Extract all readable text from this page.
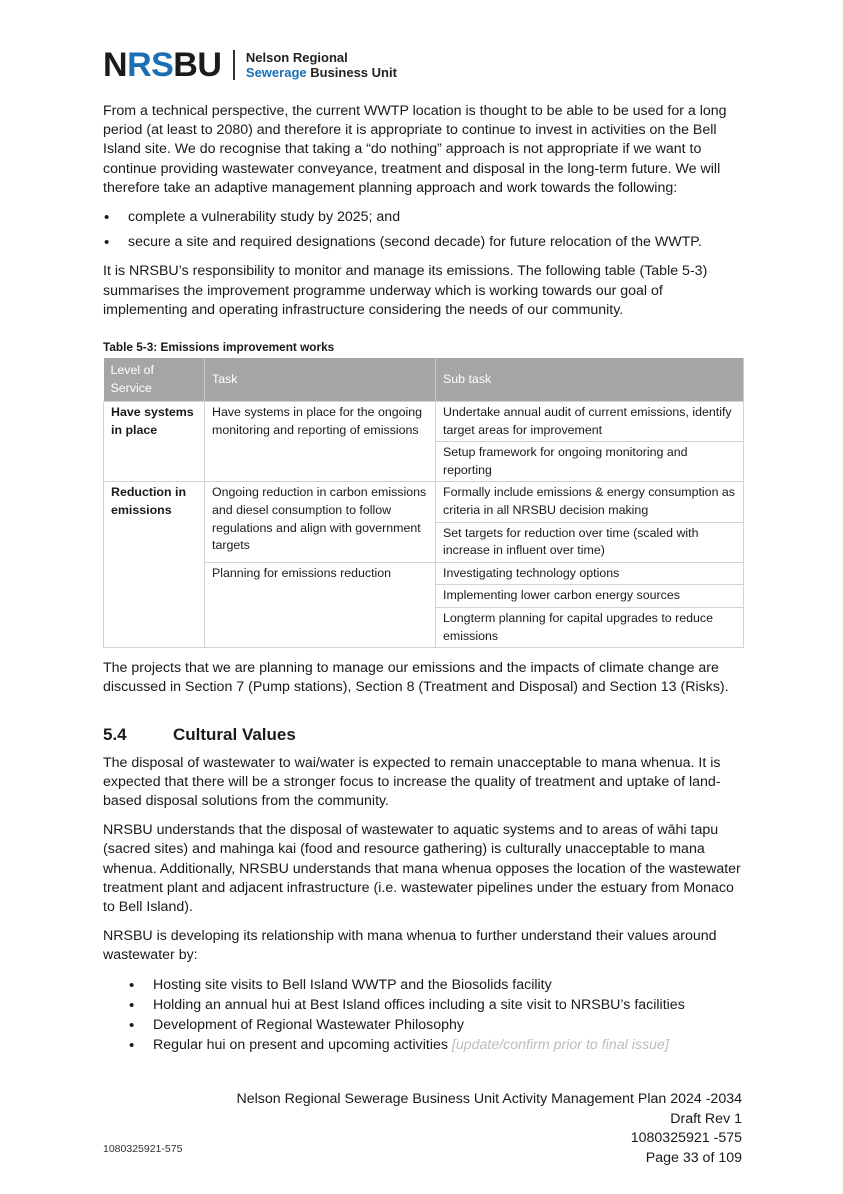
NRSBU Nelson Regional
Sewerage Business Unit

From a technical perspective, the current WWTP location is thought to be able to be used for a long period (at least to 2080) and therefore it is appropriate to continue to invest in activities on the Bell Island site. We do recognise that taking a “do nothing” approach is not appropriate if we want to continue providing wastewater conveyance, treatment and disposal in the long-term future. We will therefore take an adaptive management planning approach and work towards the following:

• complete a vulnerability study by 2025; and
• secure a site and required designations (second decade) for future relocation of the WWTP.

It is NRSBU’s responsibility to monitor and manage its emissions. The following table (Table 5-3) summarises the improvement programme underway which is working towards our goal of implementing and operating infrastructure considering the needs of our community.

Table 5-3: Emissions improvement works
Level of Service	Task	Sub task
Have systems in place	Have systems in place for the ongoing monitoring and reporting of emissions	Undertake annual audit of current emissions, identify target areas for improvement
		Setup framework for ongoing monitoring and reporting
Reduction in emissions	Ongoing reduction in carbon emissions and diesel consumption to follow regulations and align with government targets	Formally include emissions & energy consumption as criteria in all NRSBU decision making
		Set targets for reduction over time (scaled with increase in influent over time)
	Planning for emissions reduction	Investigating technology options
		Implementing lower carbon energy sources
		Longterm planning for capital upgrades to reduce emissions

The projects that we are planning to manage our emissions and the impacts of climate change are discussed in Section 7 (Pump stations), Section 8 (Treatment and Disposal) and Section 13 (Risks).

5.4	Cultural Values

The disposal of wastewater to wai/water is expected to remain unacceptable to mana whenua. It is expected that there will be a stronger focus to increase the quality of treatment and uptake of land-based disposal solutions from the community.

NRSBU understands that the disposal of wastewater to aquatic systems and to areas of wāhi tapu (sacred sites) and mahinga kai (food and resource gathering) is culturally unacceptable to mana whenua. Additionally, NRSBU understands that mana whenua opposes the location of the wastewater treatment plant and adjacent infrastructure (i.e. wastewater pipelines under the estuary from Monaco to Bell Island).

NRSBU is developing its relationship with mana whenua to further understand their values around wastewater by:

• Hosting site visits to Bell Island WWTP and the Biosolids facility
• Holding an annual hui at Best Island offices including a site visit to NRSBU’s facilities
• Development of Regional Wastewater Philosophy
• Regular hui on present and upcoming activities [update/confirm prior to final issue]
Nelson Regional Sewerage Business Unit Activity Management Plan 2024 -2034
Draft Rev 1
1080325921 -575
Page 33 of 109
1080325921-575
